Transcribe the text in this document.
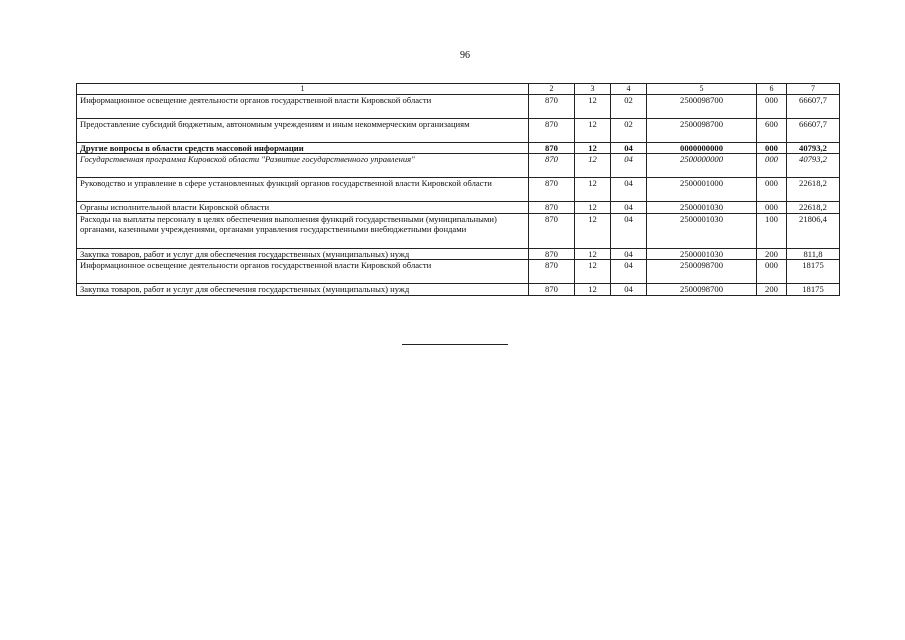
96
1	2	3	4	5	6	7
Информационное освещение деятельности органов государственной власти Кировской области	870	12	02	2500098700	000	66607,7
Предоставление субсидий бюджетным, автономным учреждениям и иным некоммерческим организациям	870	12	02	2500098700	600	66607,7
Другие вопросы в области средств массовой информации	870	12	04	0000000000	000	40793,2
Государственная программа Кировской области "Развитие государственного управления"	870	12	04	2500000000	000	40793,2
Руководство и управление в сфере установленных функций органов государственной власти Кировской области	870	12	04	2500001000	000	22618,2
Органы исполнительной власти Кировской области	870	12	04	2500001030	000	22618,2
Расходы на выплаты персоналу в целях обеспечения выполнения функций государственными (муниципальными) органами, казенными учреждениями, органами управления государственными внебюджетными фондами	870	12	04	2500001030	100	21806,4
Закупка товаров, работ и услуг для обеспечения государственных (муниципальных) нужд	870	12	04	2500001030	200	811,8
Информационное освещение деятельности органов государственной власти Кировской области	870	12	04	2500098700	000	18175
Закупка товаров, работ и услуг для обеспечения государственных (муниципальных) нужд	870	12	04	2500098700	200	18175
